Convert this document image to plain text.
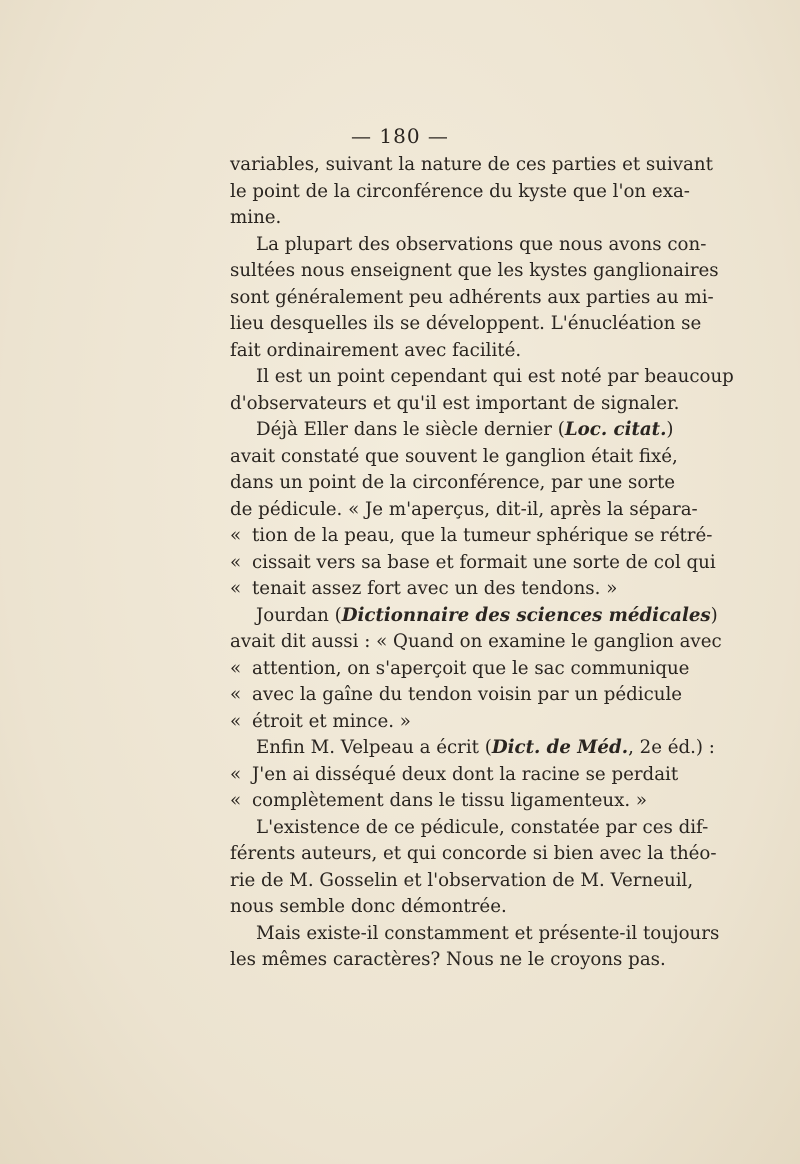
— 180 —
variables, suivant la nature de ces parties et suivant
le point de la circonférence du kyste que l'on exa-
mine.
La plupart des observations que nous avons con-
sultées nous enseignent que les kystes ganglionaires
sont généralement peu adhérents aux parties au mi-
lieu desquelles ils se développent. L'énucléation se
fait ordinairement avec facilité.
Il est un point cependant qui est noté par beaucoup
d'observateurs et qu'il est important de signaler.
Déjà Eller dans le siècle dernier (Loc. citat.)
avait constaté que souvent le ganglion était fixé,
dans un point de la circonférence, par une sorte
de pédicule. « Je m'aperçus, dit-il, après la sépara-
« tion de la peau, que la tumeur sphérique se rétré-
« cissait vers sa base et formait une sorte de col qui
« tenait assez fort avec un des tendons. »
Jourdan (Dictionnaire des sciences médicales)
avait dit aussi : « Quand on examine le ganglion avec
« attention, on s'aperçoit que le sac communique
« avec la gaîne du tendon voisin par un pédicule
« étroit et mince. »
Enfin M. Velpeau a écrit (Dict. de Méd., 2e éd.) :
« J'en ai disséqué deux dont la racine se perdait
« complètement dans le tissu ligamenteux. »
L'existence de ce pédicule, constatée par ces dif-
férents auteurs, et qui concorde si bien avec la théo-
rie de M. Gosselin et l'observation de M. Verneuil,
nous semble donc démontrée.
Mais existe-il constamment et présente-il toujours
les mêmes caractères? Nous ne le croyons pas.
